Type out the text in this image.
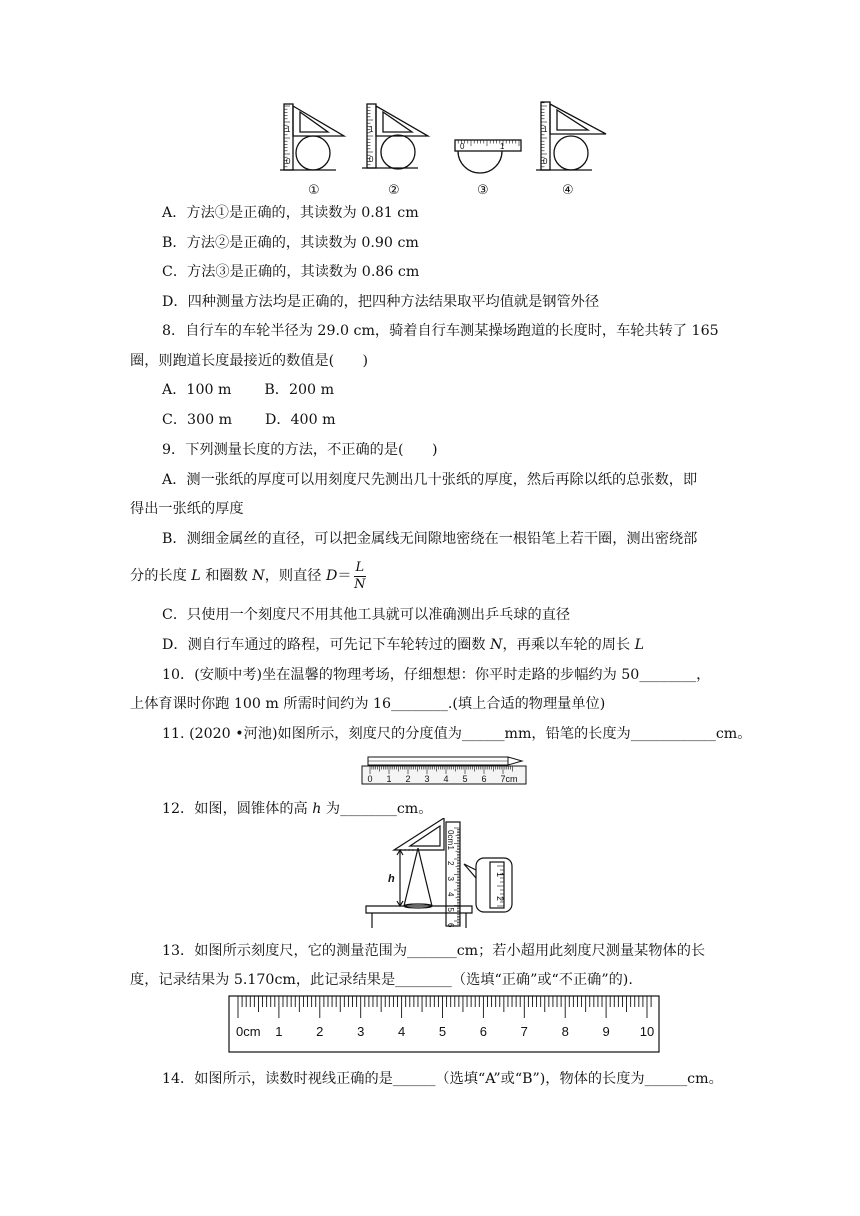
1
0
1
0
0	1
1
0
①	②	③	④
A．方法①是正确的，其读数为 0.81 cm
B．方法②是正确的，其读数为 0.90 cm
C．方法③是正确的，其读数为 0.86 cm
D．四种测量方法均是正确的，把四种方法结果取平均值就是钢管外径
8．自行车的车轮半径为 29.0 cm，骑着自行车测某操场跑道的长度时，车轮共转了 165
圈，则跑道长度最接近的数值是(　　)
A．100 m　　 B．200 m
C．300 m　　 D．400 m
9．下列测量长度的方法，不正确的是(　　)
A．测一张纸的厚度可以用刻度尺先测出几十张纸的厚度，然后再除以纸的总张数，即
得出一张纸的厚度
B．测细金属丝的直径，可以把金属线无间隙地密绕在一根铅笔上若干圈，测出密绕部
分的长度 L 和圈数 N，则直径 $D= \frac{L}{N}$
C．只使用一个刻度尺不用其他工具就可以准确测出乒乓球的直径
D．测自行车通过的路程，可先记下车轮转过的圈数 N，再乘以车轮的周长 L
10．(安顺中考)坐在温馨的物理考场，仔细想想：你平时走路的步幅约为 50________，
上体育课时你跑 100 m 所需时间约为 16________.(填上合适的物理量单位)
11. (2020 •河池)如图所示，刻度尺的分度值为______mm，铅笔的长度为____________cm。
0 1 2 3 4 5 6 7cm
12．如图，圆锥体的高 h 为________cm。
0cm
1
2
3
4
5
6
h	1
2
13．如图所示刻度尺，它的测量范围为_______cm；若小超用此刻度尺测量某物体的长
度，记录结果为 5.170cm，此记录结果是________（选填“正确”或“不正确”的).
0cm 1	2	3	4	5	6	7	8	9 10
14．如图所示，读数时视线正确的是______（选填“A”或“B”)，物体的长度为______cm。
